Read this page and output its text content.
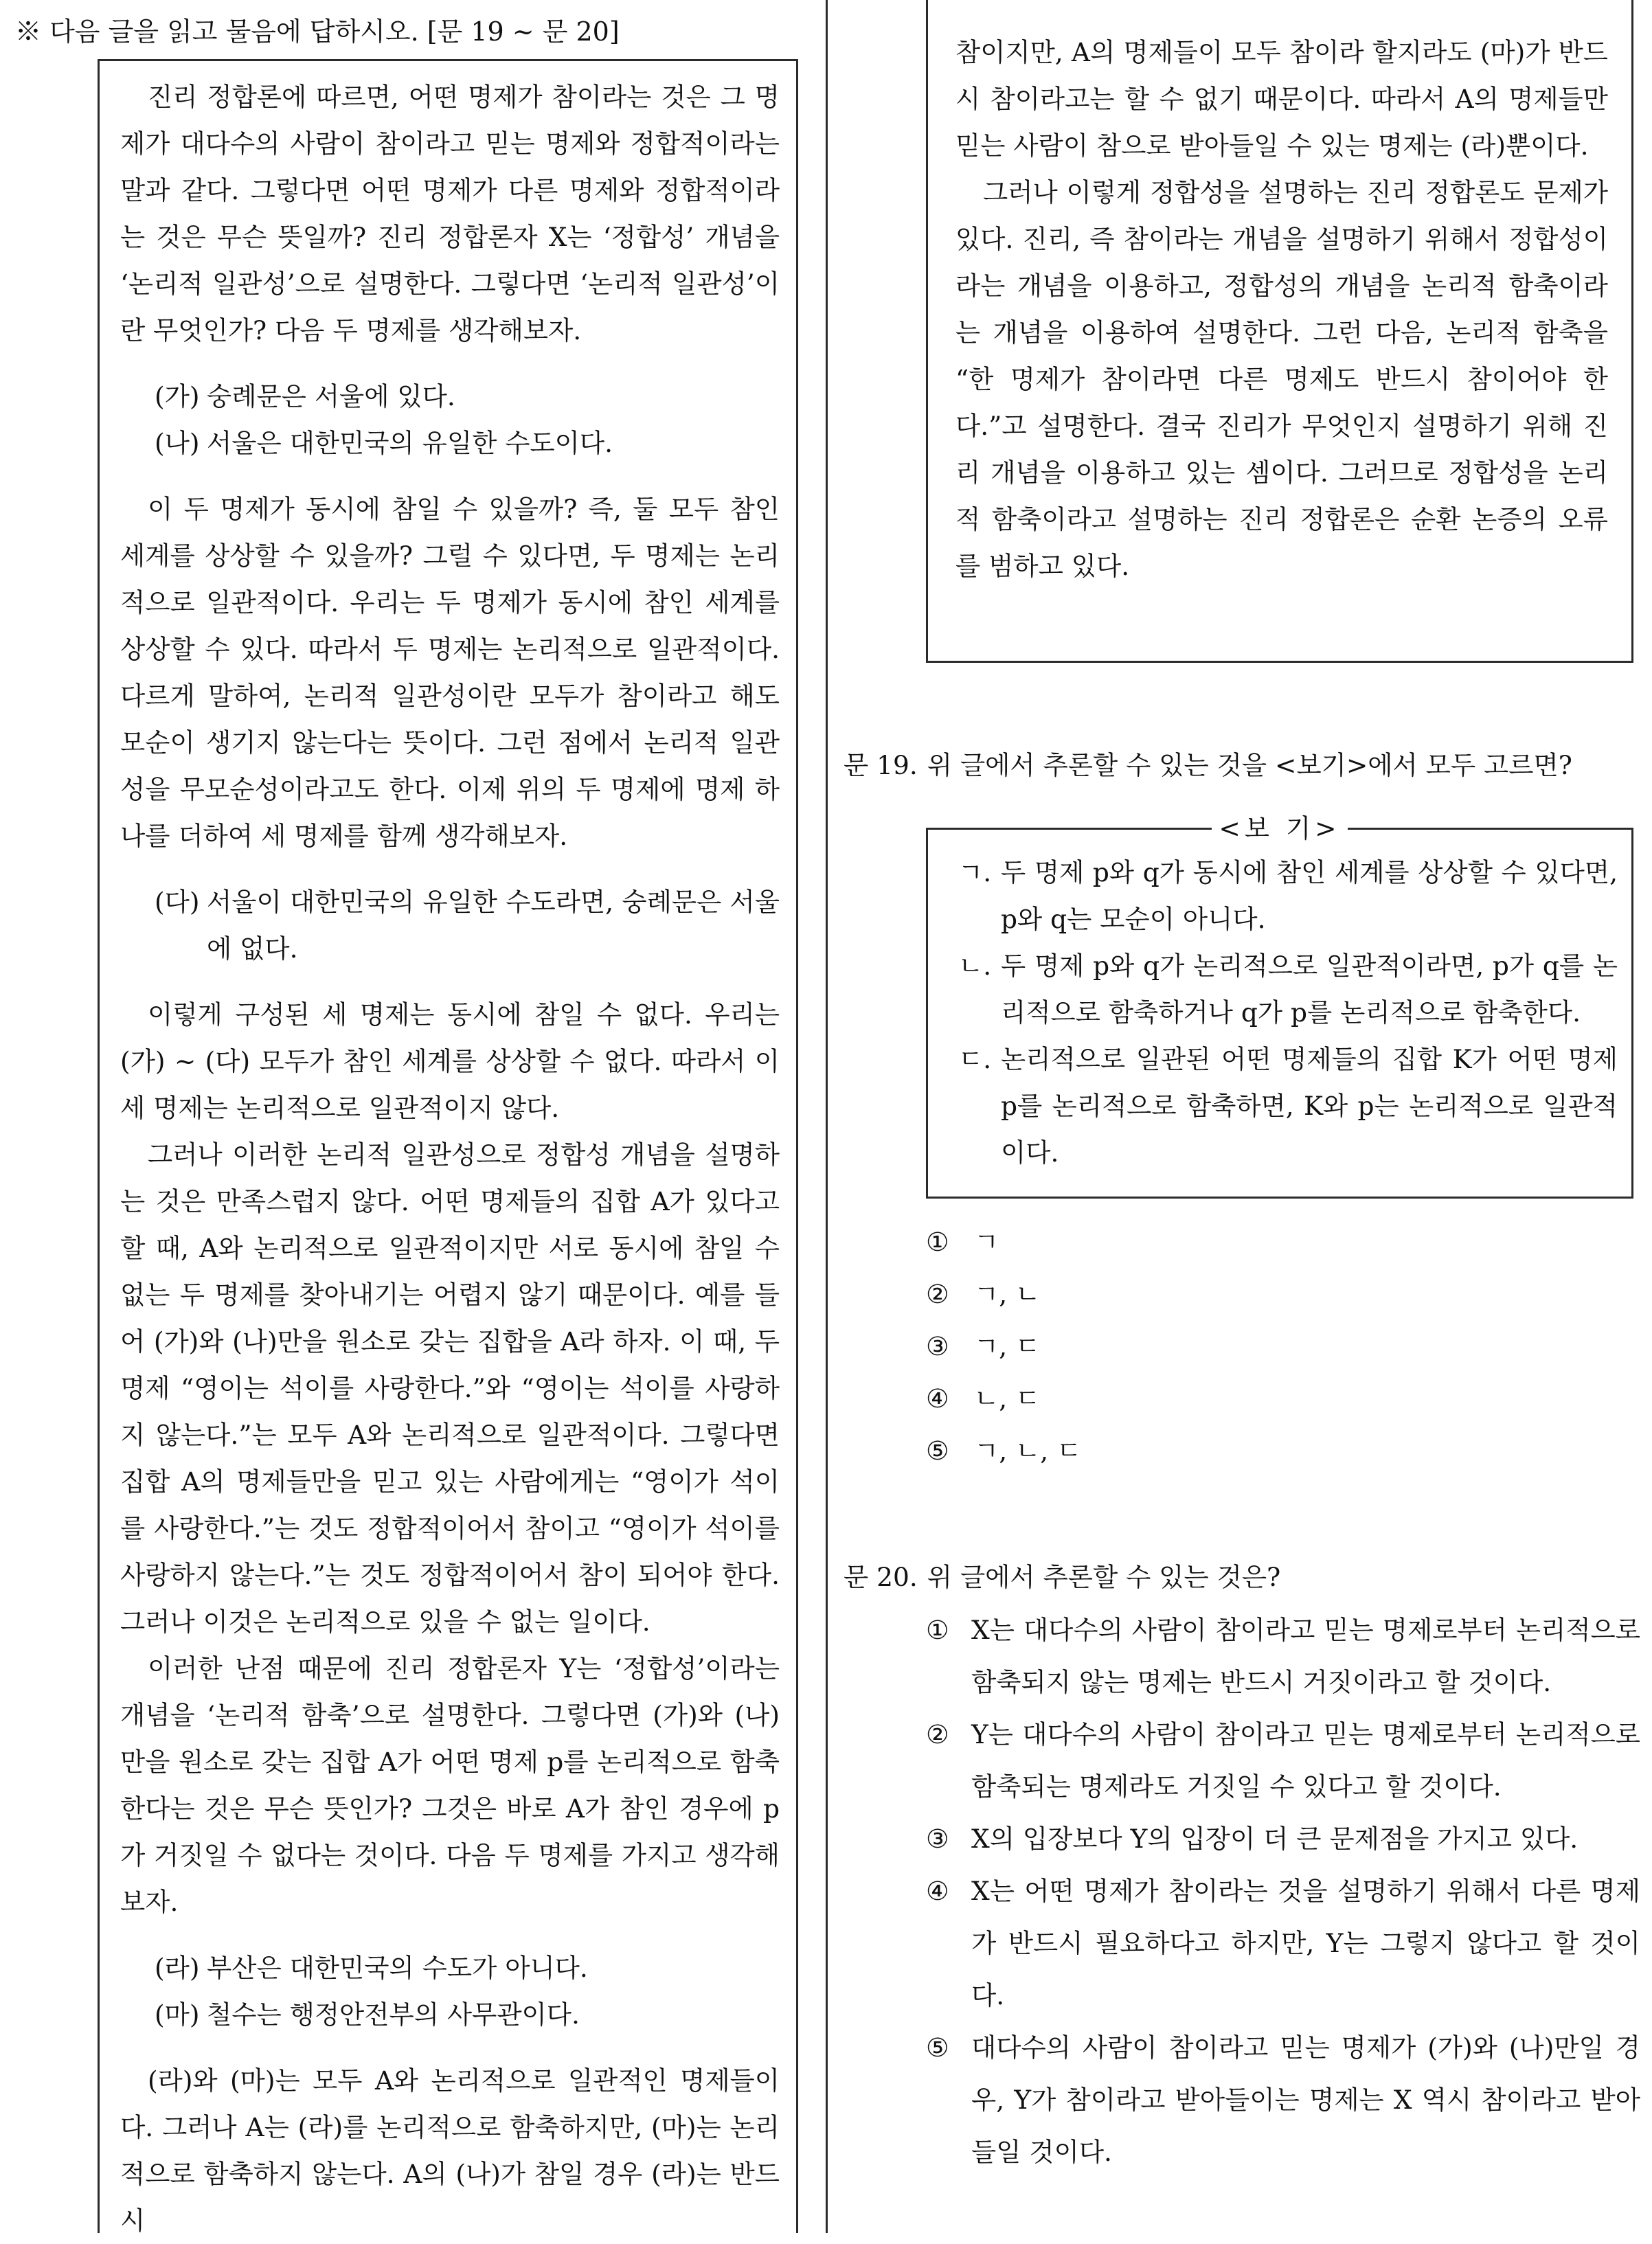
※ 다음 글을 읽고 물음에 답하시오. [문 19 ~ 문 20]

진리 정합론에 따르면, 어떤 명제가 참이라는 것은 그 명제가 대다수의 사람이 참이라고 믿는 명제와 정합적이라는 말과 같다. 그렇다면 어떤 명제가 다른 명제와 정합적이라는 것은 무슨 뜻일까? 진리 정합론자 X는 ‘정합성’ 개념을 ‘논리적 일관성’으로 설명한다. 그렇다면 ‘논리적 일관성’이란 무엇인가? 다음 두 명제를 생각해보자.

(가) 숭례문은 서울에 있다.
(나) 서울은 대한민국의 유일한 수도이다.

이 두 명제가 동시에 참일 수 있을까? 즉, 둘 모두 참인 세계를 상상할 수 있을까? 그럴 수 있다면, 두 명제는 논리적으로 일관적이다. 우리는 두 명제가 동시에 참인 세계를 상상할 수 있다. 따라서 두 명제는 논리적으로 일관적이다. 다르게 말하여, 논리적 일관성이란 모두가 참이라고 해도 모순이 생기지 않는다는 뜻이다. 그런 점에서 논리적 일관성을 무모순성이라고도 한다. 이제 위의 두 명제에 명제 하나를 더하여 세 명제를 함께 생각해보자.

(다) 서울이 대한민국의 유일한 수도라면, 숭례문은 서울에 없다.

이렇게 구성된 세 명제는 동시에 참일 수 없다. 우리는 (가) ~ (다) 모두가 참인 세계를 상상할 수 없다. 따라서 이 세 명제는 논리적으로 일관적이지 않다.

그러나 이러한 논리적 일관성으로 정합성 개념을 설명하는 것은 만족스럽지 않다. 어떤 명제들의 집합 A가 있다고 할 때, A와 논리적으로 일관적이지만 서로 동시에 참일 수 없는 두 명제를 찾아내기는 어렵지 않기 때문이다. 예를 들어 (가)와 (나)만을 원소로 갖는 집합을 A라 하자. 이 때, 두 명제 “영이는 석이를 사랑한다.”와 “영이는 석이를 사랑하지 않는다.”는 모두 A와 논리적으로 일관적이다. 그렇다면 집합 A의 명제들만을 믿고 있는 사람에게는 “영이가 석이를 사랑한다.”는 것도 정합적이어서 참이고 “영이가 석이를 사랑하지 않는다.”는 것도 정합적이어서 참이 되어야 한다. 그러나 이것은 논리적으로 있을 수 없는 일이다.

이러한 난점 때문에 진리 정합론자 Y는 ‘정합성’이라는 개념을 ‘논리적 함축’으로 설명한다. 그렇다면 (가)와 (나)만을 원소로 갖는 집합 A가 어떤 명제 p를 논리적으로 함축한다는 것은 무슨 뜻인가? 그것은 바로 A가 참인 경우에 p가 거짓일 수 없다는 것이다. 다음 두 명제를 가지고 생각해보자.

(라) 부산은 대한민국의 수도가 아니다.
(마) 철수는 행정안전부의 사무관이다.

(라)와 (마)는 모두 A와 논리적으로 일관적인 명제들이다. 그러나 A는 (라)를 논리적으로 함축하지만, (마)는 논리적으로 함축하지 않는다. A의 (나)가 참일 경우 (라)는 반드시

참이지만, A의 명제들이 모두 참이라 할지라도 (마)가 반드시 참이라고는 할 수 없기 때문이다. 따라서 A의 명제들만 믿는 사람이 참으로 받아들일 수 있는 명제는 (라)뿐이다.

그러나 이렇게 정합성을 설명하는 진리 정합론도 문제가 있다. 진리, 즉 참이라는 개념을 설명하기 위해서 정합성이라는 개념을 이용하고, 정합성의 개념을 논리적 함축이라는 개념을 이용하여 설명한다. 그런 다음, 논리적 함축을 “한 명제가 참이라면 다른 명제도 반드시 참이어야 한다.”고 설명한다. 결국 진리가 무엇인지 설명하기 위해 진리 개념을 이용하고 있는 셈이다. 그러므로 정합성을 논리적 함축이라고 설명하는 진리 정합론은 순환 논증의 오류를 범하고 있다.

문 19. 위 글에서 추론할 수 있는 것을 <보기>에서 모두 고르면?
<보 기>
ㄱ. 두 명제 p와 q가 동시에 참인 세계를 상상할 수 있다면, p와 q는 모순이 아니다.
ㄴ. 두 명제 p와 q가 논리적으로 일관적이라면, p가 q를 논리적으로 함축하거나 q가 p를 논리적으로 함축한다.
ㄷ. 논리적으로 일관된 어떤 명제들의 집합 K가 어떤 명제 p를 논리적으로 함축하면, K와 p는 논리적으로 일관적이다.
① ㄱ
② ㄱ, ㄴ
③ ㄱ, ㄷ
④ ㄴ, ㄷ
⑤ ㄱ, ㄴ, ㄷ
문 20. 위 글에서 추론할 수 있는 것은?
① X는 대다수의 사람이 참이라고 믿는 명제로부터 논리적으로 함축되지 않는 명제는 반드시 거짓이라고 할 것이다.
② Y는 대다수의 사람이 참이라고 믿는 명제로부터 논리적으로 함축되는 명제라도 거짓일 수 있다고 할 것이다.
③ X의 입장보다 Y의 입장이 더 큰 문제점을 가지고 있다.
④ X는 어떤 명제가 참이라는 것을 설명하기 위해서 다른 명제가 반드시 필요하다고 하지만, Y는 그렇지 않다고 할 것이다.
⑤ 대다수의 사람이 참이라고 믿는 명제가 (가)와 (나)만일 경우, Y가 참이라고 받아들이는 명제는 X 역시 참이라고 받아들일 것이다.
